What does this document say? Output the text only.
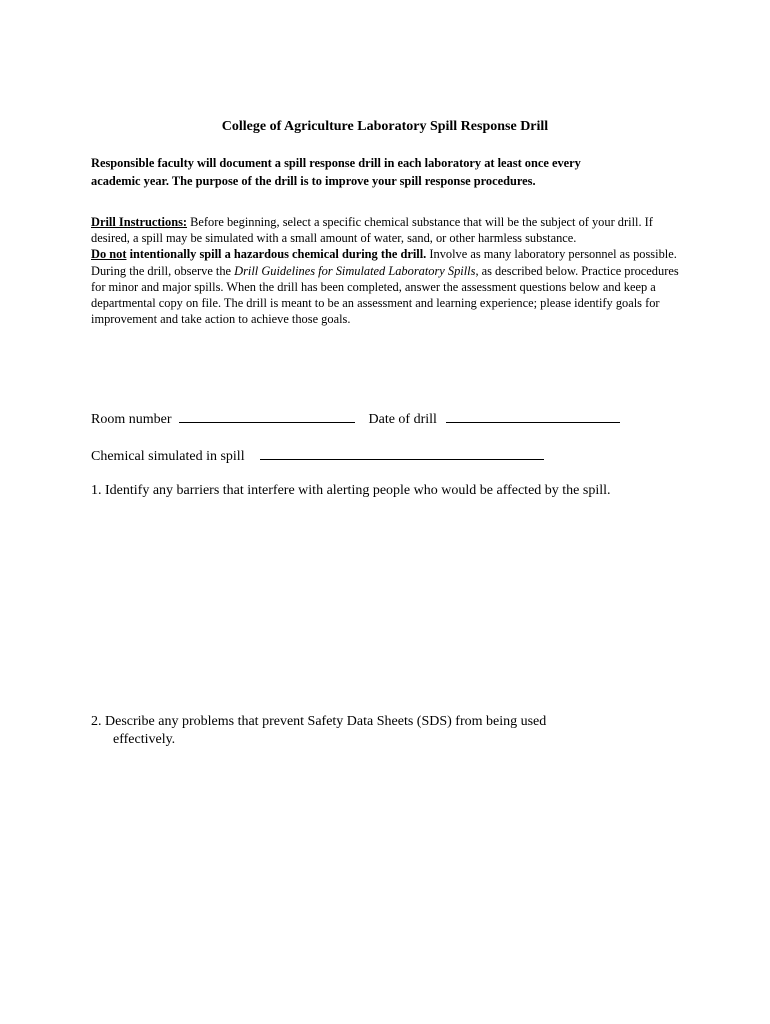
College of Agriculture Laboratory Spill Response Drill
Responsible faculty will document a spill response drill in each laboratory at least once every
academic year. The purpose of the drill is to improve your spill response procedures.
Drill Instructions: Before beginning, select a specific chemical substance that will be the subject of your drill. If desired, a spill may be simulated with a small amount of water, sand, or other harmless substance.
Do not intentionally spill a hazardous chemical during the drill. Involve as many laboratory personnel as possible. During the drill, observe the Drill Guidelines for Simulated Laboratory Spills, as described below. Practice procedures for minor and major spills. When the drill has been completed, answer the assessment questions below and keep a departmental copy on file. The drill is meant to be an assessment and learning experience; please identify goals for improvement and take action to achieve those goals.
Room number	Date of drill
Chemical simulated in spill
1. Identify any barriers that interfere with alerting people who would be affected by the spill.
2. Describe any problems that prevent Safety Data Sheets (SDS) from being used
effectively.
